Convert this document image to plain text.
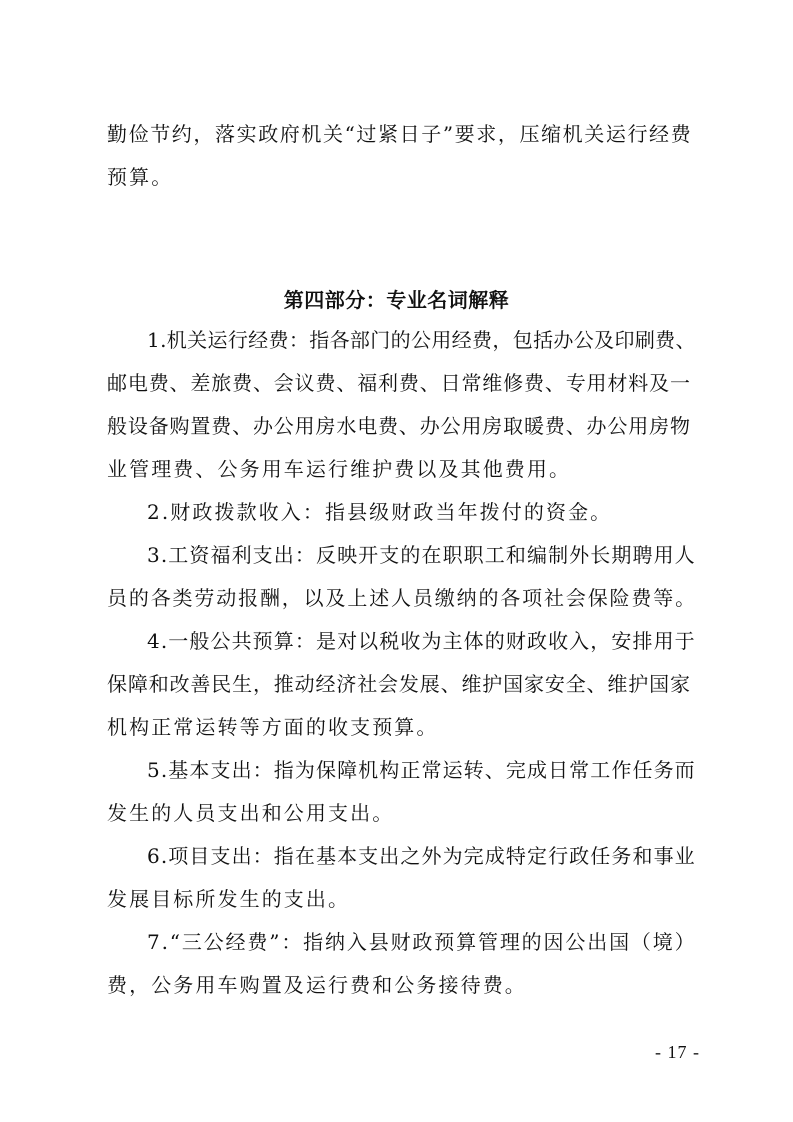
勤俭节约，落实政府机关“过紧日子”要求，压缩机关运行经费
预算。
第四部分：专业名词解释
1.机关运行经费：指各部门的公用经费，包括办公及印刷费、
邮电费、差旅费、会议费、福利费、日常维修费、专用材料及一
般设备购置费、办公用房水电费、办公用房取暖费、办公用房物
业管理费、公务用车运行维护费以及其他费用。
2.财政拨款收入：指县级财政当年拨付的资金。
3.工资福利支出：反映开支的在职职工和编制外长期聘用人
员的各类劳动报酬，以及上述人员缴纳的各项社会保险费等。
4.一般公共预算：是对以税收为主体的财政收入，安排用于
保障和改善民生，推动经济社会发展、维护国家安全、维护国家
机构正常运转等方面的收支预算。
5.基本支出：指为保障机构正常运转、完成日常工作任务而
发生的人员支出和公用支出。
6.项目支出：指在基本支出之外为完成特定行政任务和事业
发展目标所发生的支出。
7.“三公经费”：指纳入县财政预算管理的因公出国（境）
费，公务用车购置及运行费和公务接待费。
- 17 -
